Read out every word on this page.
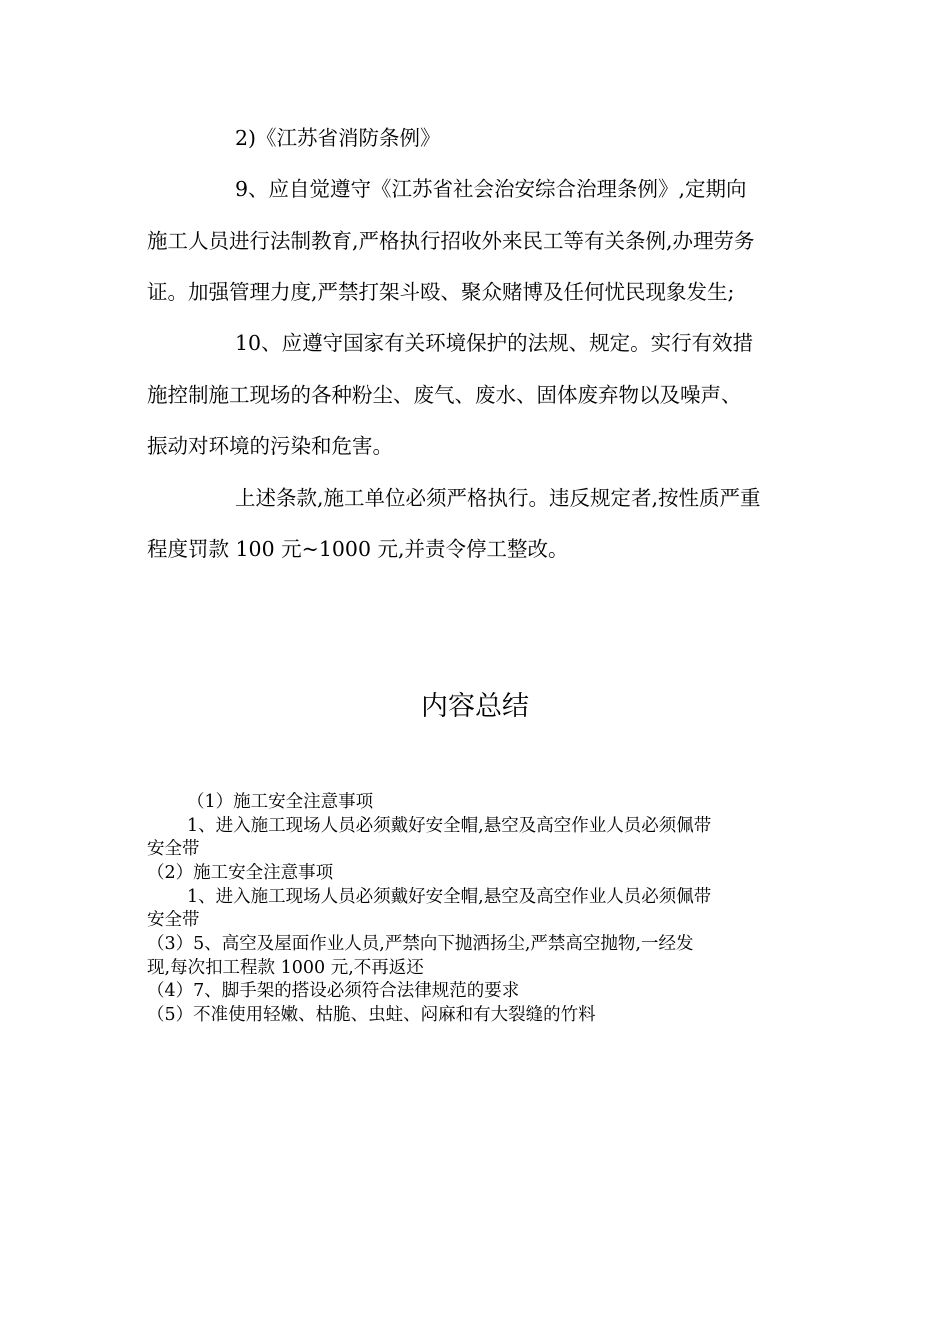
2)《江苏省消防条例》
9、应自觉遵守《江苏省社会治安综合治理条例》,定期向
施工人员进行法制教育,严格执行招收外来民工等有关条例,办理劳务
证。加强管理力度,严禁打架斗殴、聚众赌博及任何忧民现象发生;
10、应遵守国家有关环境保护的法规、规定。实行有效措
施控制施工现场的各种粉尘、废气、废水、固体废弃物以及噪声、
振动对环境的污染和危害。
上述条款,施工单位必须严格执行。违反规定者,按性质严重
程度罚款 100 元~1000 元,并责令停工整改。
内容总结
（1）施工安全注意事项
1、进入施工现场人员必须戴好安全帽,悬空及高空作业人员必须佩带
安全带
（2）施工安全注意事项
1、进入施工现场人员必须戴好安全帽,悬空及高空作业人员必须佩带
安全带
（3）5、高空及屋面作业人员,严禁向下抛洒扬尘,严禁高空抛物,一经发
现,每次扣工程款 1000 元,不再返还
（4）7、脚手架的搭设必须符合法律规范的要求
（5）不准使用轻嫩、枯脆、虫蛀、闷麻和有大裂缝的竹料
